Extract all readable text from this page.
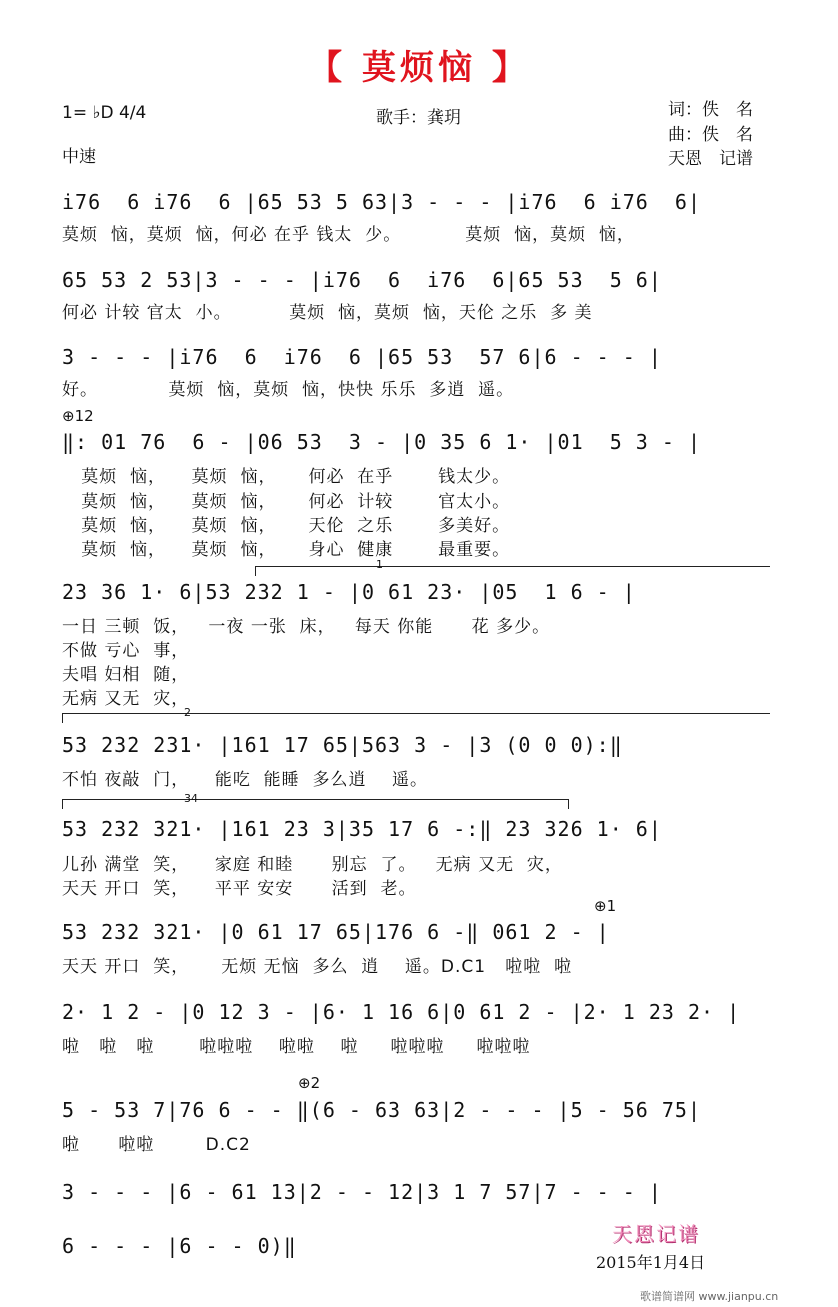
【 莫烦恼 】
1= ♭D 4/4
中速
歌手：龚玥	词：佚　名
曲：佚　名
天恩　记谱
i̇76  6 i̇76  6 |65 53 5 63|3 - - - |i̇76  6 i̇76  6|
莫烦  恼，莫烦  恼，何必 在乎 钱太  少。          莫烦  恼，莫烦  恼，
65 53 2 53|3 - - - |i̇76  6  i̇76  6|65 53  5 6|
何必 计较 官太  小。         莫烦  恼，莫烦  恼，天伦 之乐  多 美
3 - - - |i̇76  6  i̇76  6 |65 53  57 6|6 - - - |
好。           莫烦  恼，莫烦  恼，快快 乐乐  多逍  遥。
⊕12
‖: 01 76  6 - |06 53  3 - |0 35 6 1· |01  5 3 - |
莫烦  恼，    莫烦  恼，     何必  在乎       钱太少。
莫烦  恼，    莫烦  恼，     何必  计较       官太小。
莫烦  恼，    莫烦  恼，     天伦  之乐       多美好。
莫烦  恼，    莫烦  恼，     身心  健康       最重要。
1
23 36 1· 6|53 232 1 - |0 61 23· |05  1 6 - |
一日 三顿  饭，   一夜 一张  床，   每天 你能      花 多少。
不做 亏心  事，
夫唱 妇相  随，
无病 又无  灾，
2
53 232 231· |161 17 65|563 3 - |3 (0 0 0):‖
不怕 夜敲  门，    能吃  能睡  多么逍    遥。
34
53 232 321· |161 23 3|35 17 6 -:‖ 23 326 1· 6|
儿孙 满堂  笑，    家庭 和睦      别忘  了。   无病 又无  灾，
天天 开口  笑，    平平 安安      活到  老。
⊕1
53 232 321· |0 61 17 65|176 6 -‖ 061 2 - |
天天 开口  笑，     无烦 无恼  多么  逍    遥。D.C1   啦啦  啦
2· 1 2 - |0 12 3 - |6· 1 16 6|0 61 2 - |2· 1 23 2· |
啦   啦   啦       啦啦啦    啦啦    啦     啦啦啦     啦啦啦
⊕2
5 - 53 7|76 6 - - ‖(6 - 63 63|2 - - - |5 - 56 75|
啦      啦啦        D.C2
3 - - - |6 - 61 13|2 - - 12|3 1 7 57|7 - - - |
6 - - - |6 - - 0)‖	天恩记谱
2015年1月4日
歌谱简谱网 www.jianpu.cn
